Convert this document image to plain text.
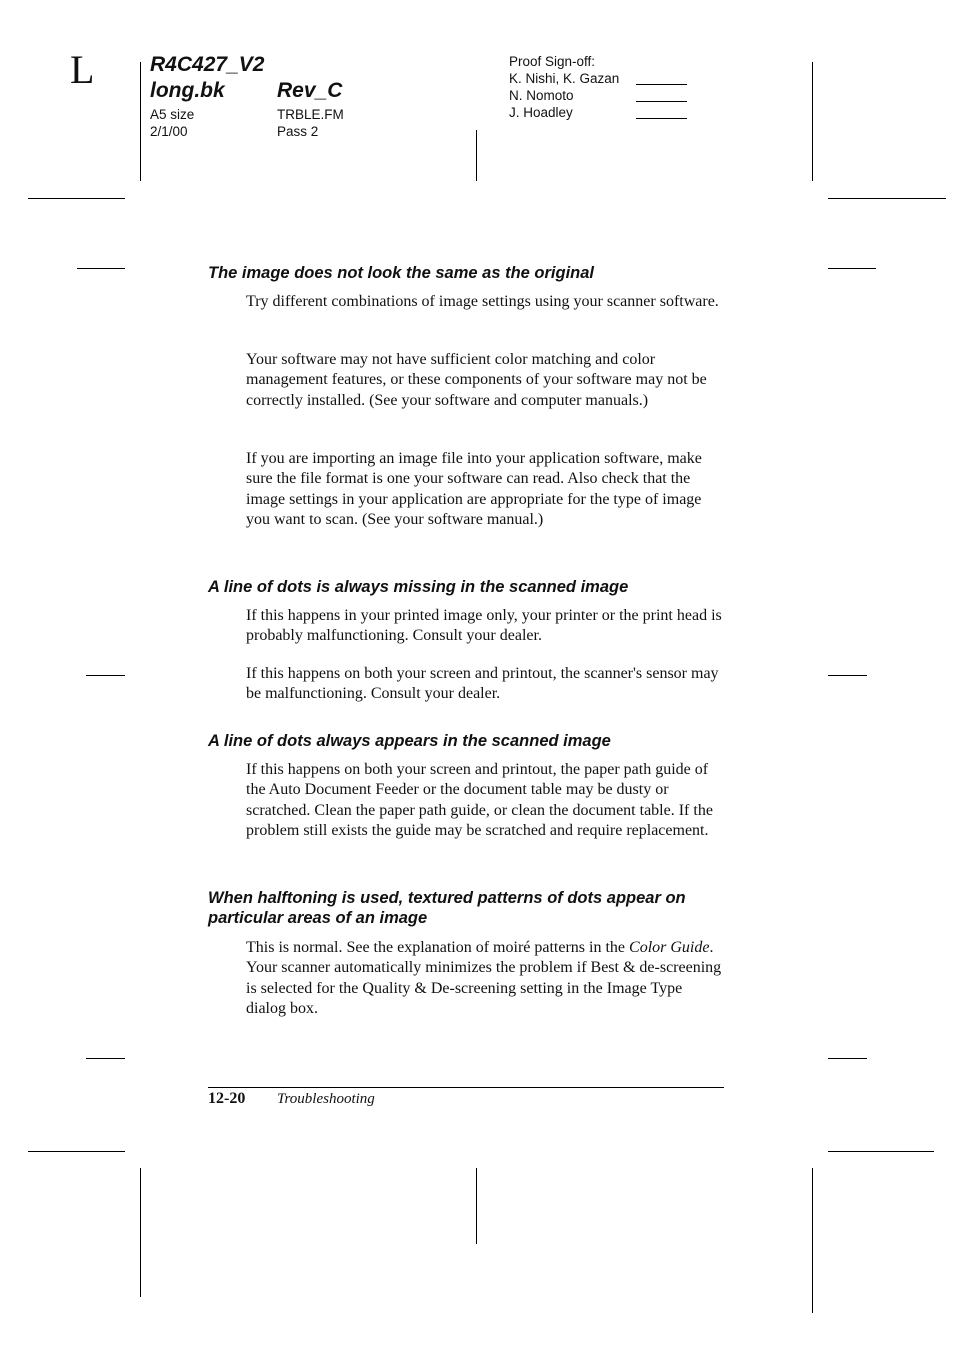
L	R4C427_V2
long.bk Rev_C
A5 size
2/1/00
TRBLE.FM
Pass 2
Proof Sign-off:
K. Nishi, K. Gazan
N. Nomoto
J. Hoadley
The image does not look the same as the original

Try different combinations of image settings using your scanner software.

Your software may not have sufficient color matching and color management features, or these components of your software may not be correctly installed. (See your software and computer manuals.)

If you are importing an image file into your application software, make sure the file format is one your software can read. Also check that the image settings in your application are appropriate for the type of image you want to scan. (See your software manual.)

A line of dots is always missing in the scanned image

If this happens in your printed image only, your printer or the print head is probably malfunctioning. Consult your dealer.

If this happens on both your screen and printout, the scanner's sensor may be malfunctioning. Consult your dealer.

A line of dots always appears in the scanned image

If this happens on both your screen and printout, the paper path guide of the Auto Document Feeder or the document table may be dusty or scratched. Clean the paper path guide, or clean the document table. If the problem still exists the guide may be scratched and require replacement.

When halftoning is used, textured patterns of dots appear on particular areas of an image

This is normal. See the explanation of moiré patterns in the Color Guide. Your scanner automatically minimizes the problem if Best & de-screening is selected for the Quality & De-screening setting in the Image Type dialog box.

12-20 Troubleshooting
